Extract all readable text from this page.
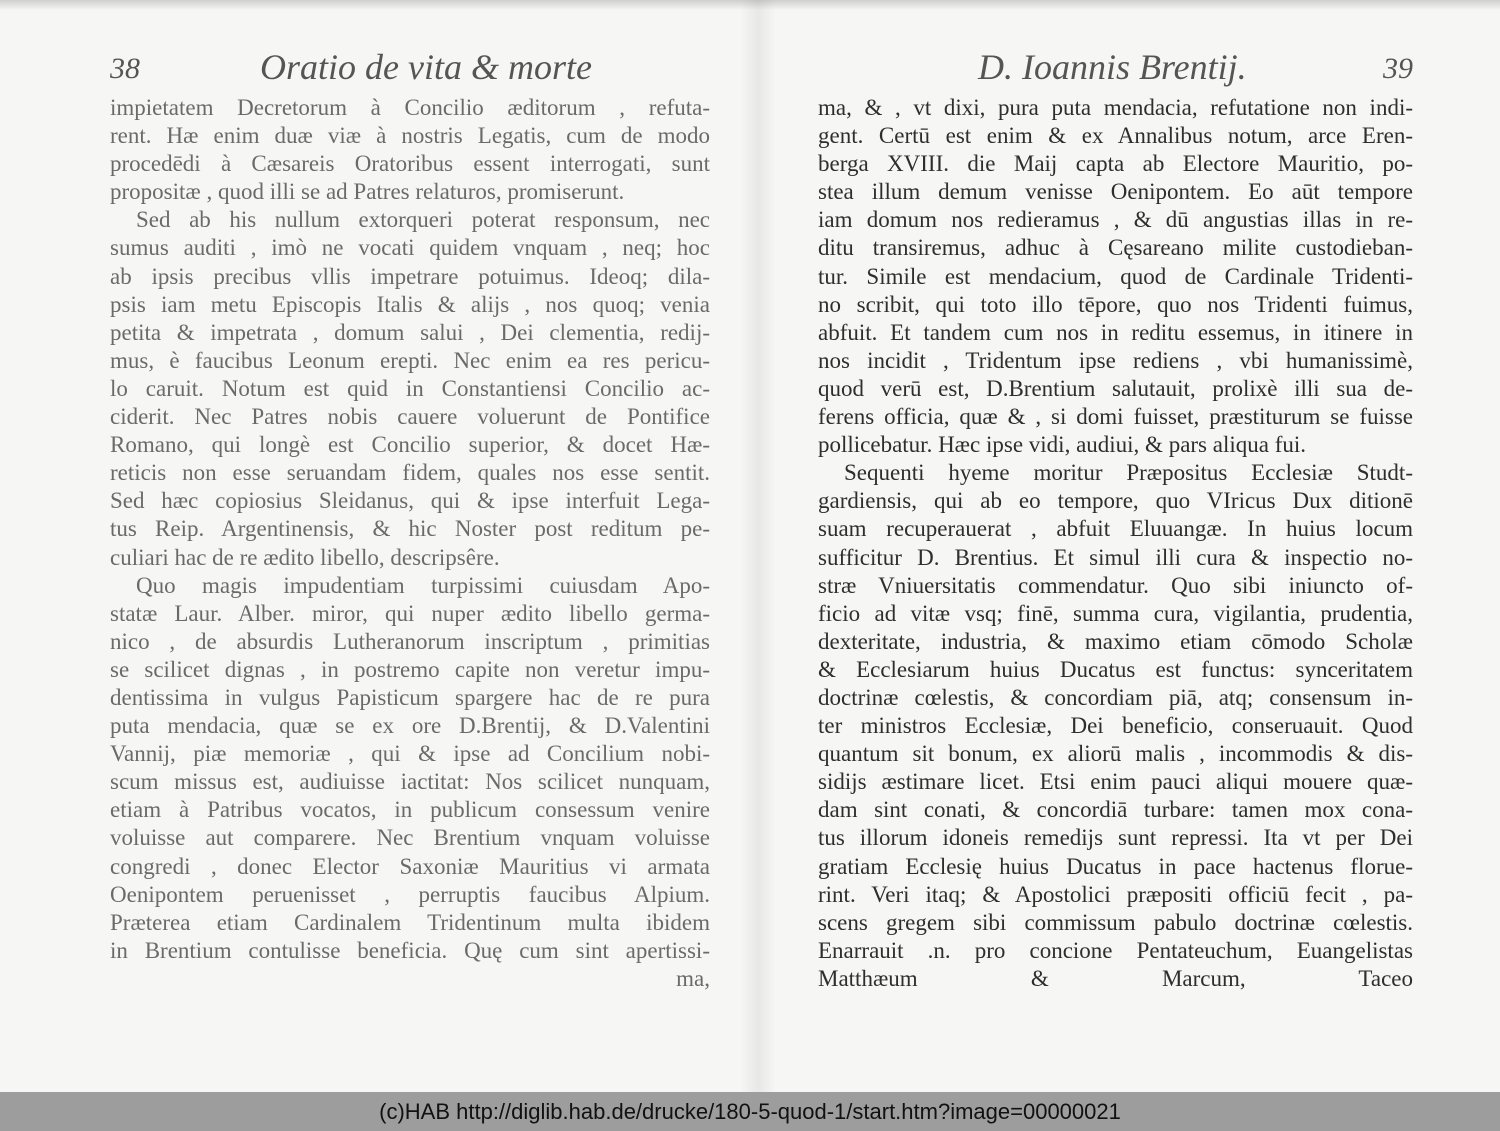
38	Oratio de vita & morte
impietatem Decretorum à Concilio æditorum , refuta-
rent. Hæ enim duæ viæ à nostris Legatis, cum de modo
procedēdi à Cæsareis Oratoribus essent interrogati, sunt
propositæ , quod illi se ad Patres relaturos, promiserunt.
Sed ab his nullum extorqueri poterat responsum, nec
sumus auditi , imò ne vocati quidem vnquam , neq; hoc
ab ipsis precibus vllis impetrare potuimus. Ideoq; dila-
psis iam metu Episcopis Italis & alijs , nos quoq; venia
petita & impetrata , domum salui , Dei clementia, redij-
mus, è faucibus Leonum erepti. Nec enim ea res pericu-
lo caruit. Notum est quid in Constantiensi Concilio ac-
ciderit. Nec Patres nobis cauere voluerunt de Pontifice
Romano, qui longè est Concilio superior, & docet Hæ-
reticis non esse seruandam fidem, quales nos esse sentit.
Sed hæc copiosius Sleidanus, qui & ipse interfuit Lega-
tus Reip. Argentinensis, & hic Noster post reditum pe-
culiari hac de re ædito libello, descripsêre.
Quo magis impudentiam turpissimi cuiusdam Apo-
statæ Laur. Alber. miror, qui nuper ædito libello germa-
nico , de absurdis Lutheranorum inscriptum , primitias
se scilicet dignas , in postremo capite non veretur impu-
dentissima in vulgus Papisticum spargere hac de re pura
puta mendacia, quæ se ex ore D.Brentij, & D.Valentini
Vannij, piæ memoriæ , qui & ipse ad Concilium nobi-
scum missus est, audiuisse iactitat: Nos scilicet nunquam,
etiam à Patribus vocatos, in publicum consessum venire
voluisse aut comparere. Nec Brentium vnquam voluisse
congredi , donec Elector Saxoniæ Mauritius vi armata
Oenipontem peruenisset , perruptis faucibus Alpium.
Præterea etiam Cardinalem Tridentinum multa ibidem
in Brentium contulisse beneficia. Quę cum sint apertissi-
ma,
D. Ioannis Brentij.	39
ma, & , vt dixi, pura puta mendacia, refutatione non indi-
gent. Certū est enim & ex Annalibus notum, arce Eren-
berga XVIII. die Maij capta ab Electore Mauritio, po-
stea illum demum venisse Oenipontem. Eo aūt tempore
iam domum nos redieramus , & dū angustias illas in re-
ditu transiremus, adhuc à Cęsareano milite custodieban-
tur. Simile est mendacium, quod de Cardinale Tridenti-
no scribit, qui toto illo tēpore, quo nos Tridenti fuimus,
abfuit. Et tandem cum nos in reditu essemus, in itinere in
nos incidit , Tridentum ipse rediens , vbi humanissimè,
quod verū est, D.Brentium salutauit, prolixè illi sua de-
ferens officia, quæ & , si domi fuisset, præstiturum se fuisse
pollicebatur. Hæc ipse vidi, audiui, & pars aliqua fui.
Sequenti hyeme moritur Præpositus Ecclesiæ Studt-
gardiensis, qui ab eo tempore, quo VIricus Dux ditionē
suam recuperauerat , abfuit Eluuangæ. In huius locum
sufficitur D. Brentius. Et simul illi cura & inspectio no-
stræ Vniuersitatis commendatur. Quo sibi iniuncto of-
ficio ad vitæ vsq; finē, summa cura, vigilantia, prudentia,
dexteritate, industria, & maximo etiam cōmodo Scholæ
& Ecclesiarum huius Ducatus est functus: synceritatem
doctrinæ cœlestis, & concordiam piā, atq; consensum in-
ter ministros Ecclesiæ, Dei beneficio, conseruauit. Quod
quantum sit bonum, ex aliorū malis , incommodis & dis-
sidijs æstimare licet. Etsi enim pauci aliqui mouere quæ-
dam sint conati, & concordiā turbare: tamen mox cona-
tus illorum idoneis remedijs sunt repressi. Ita vt per Dei
gratiam Ecclesię huius Ducatus in pace hactenus florue-
rint. Veri itaq; & Apostolici præpositi officiū fecit , pa-
scens gregem sibi commissum pabulo doctrinæ cœlestis.
Enarrauit .n. pro concione Pentateuchum, Euangelistas
Matthæum & Marcum, Taceo
(c)HAB http://diglib.hab.de/drucke/180-5-quod-1/start.htm?image=00000021
